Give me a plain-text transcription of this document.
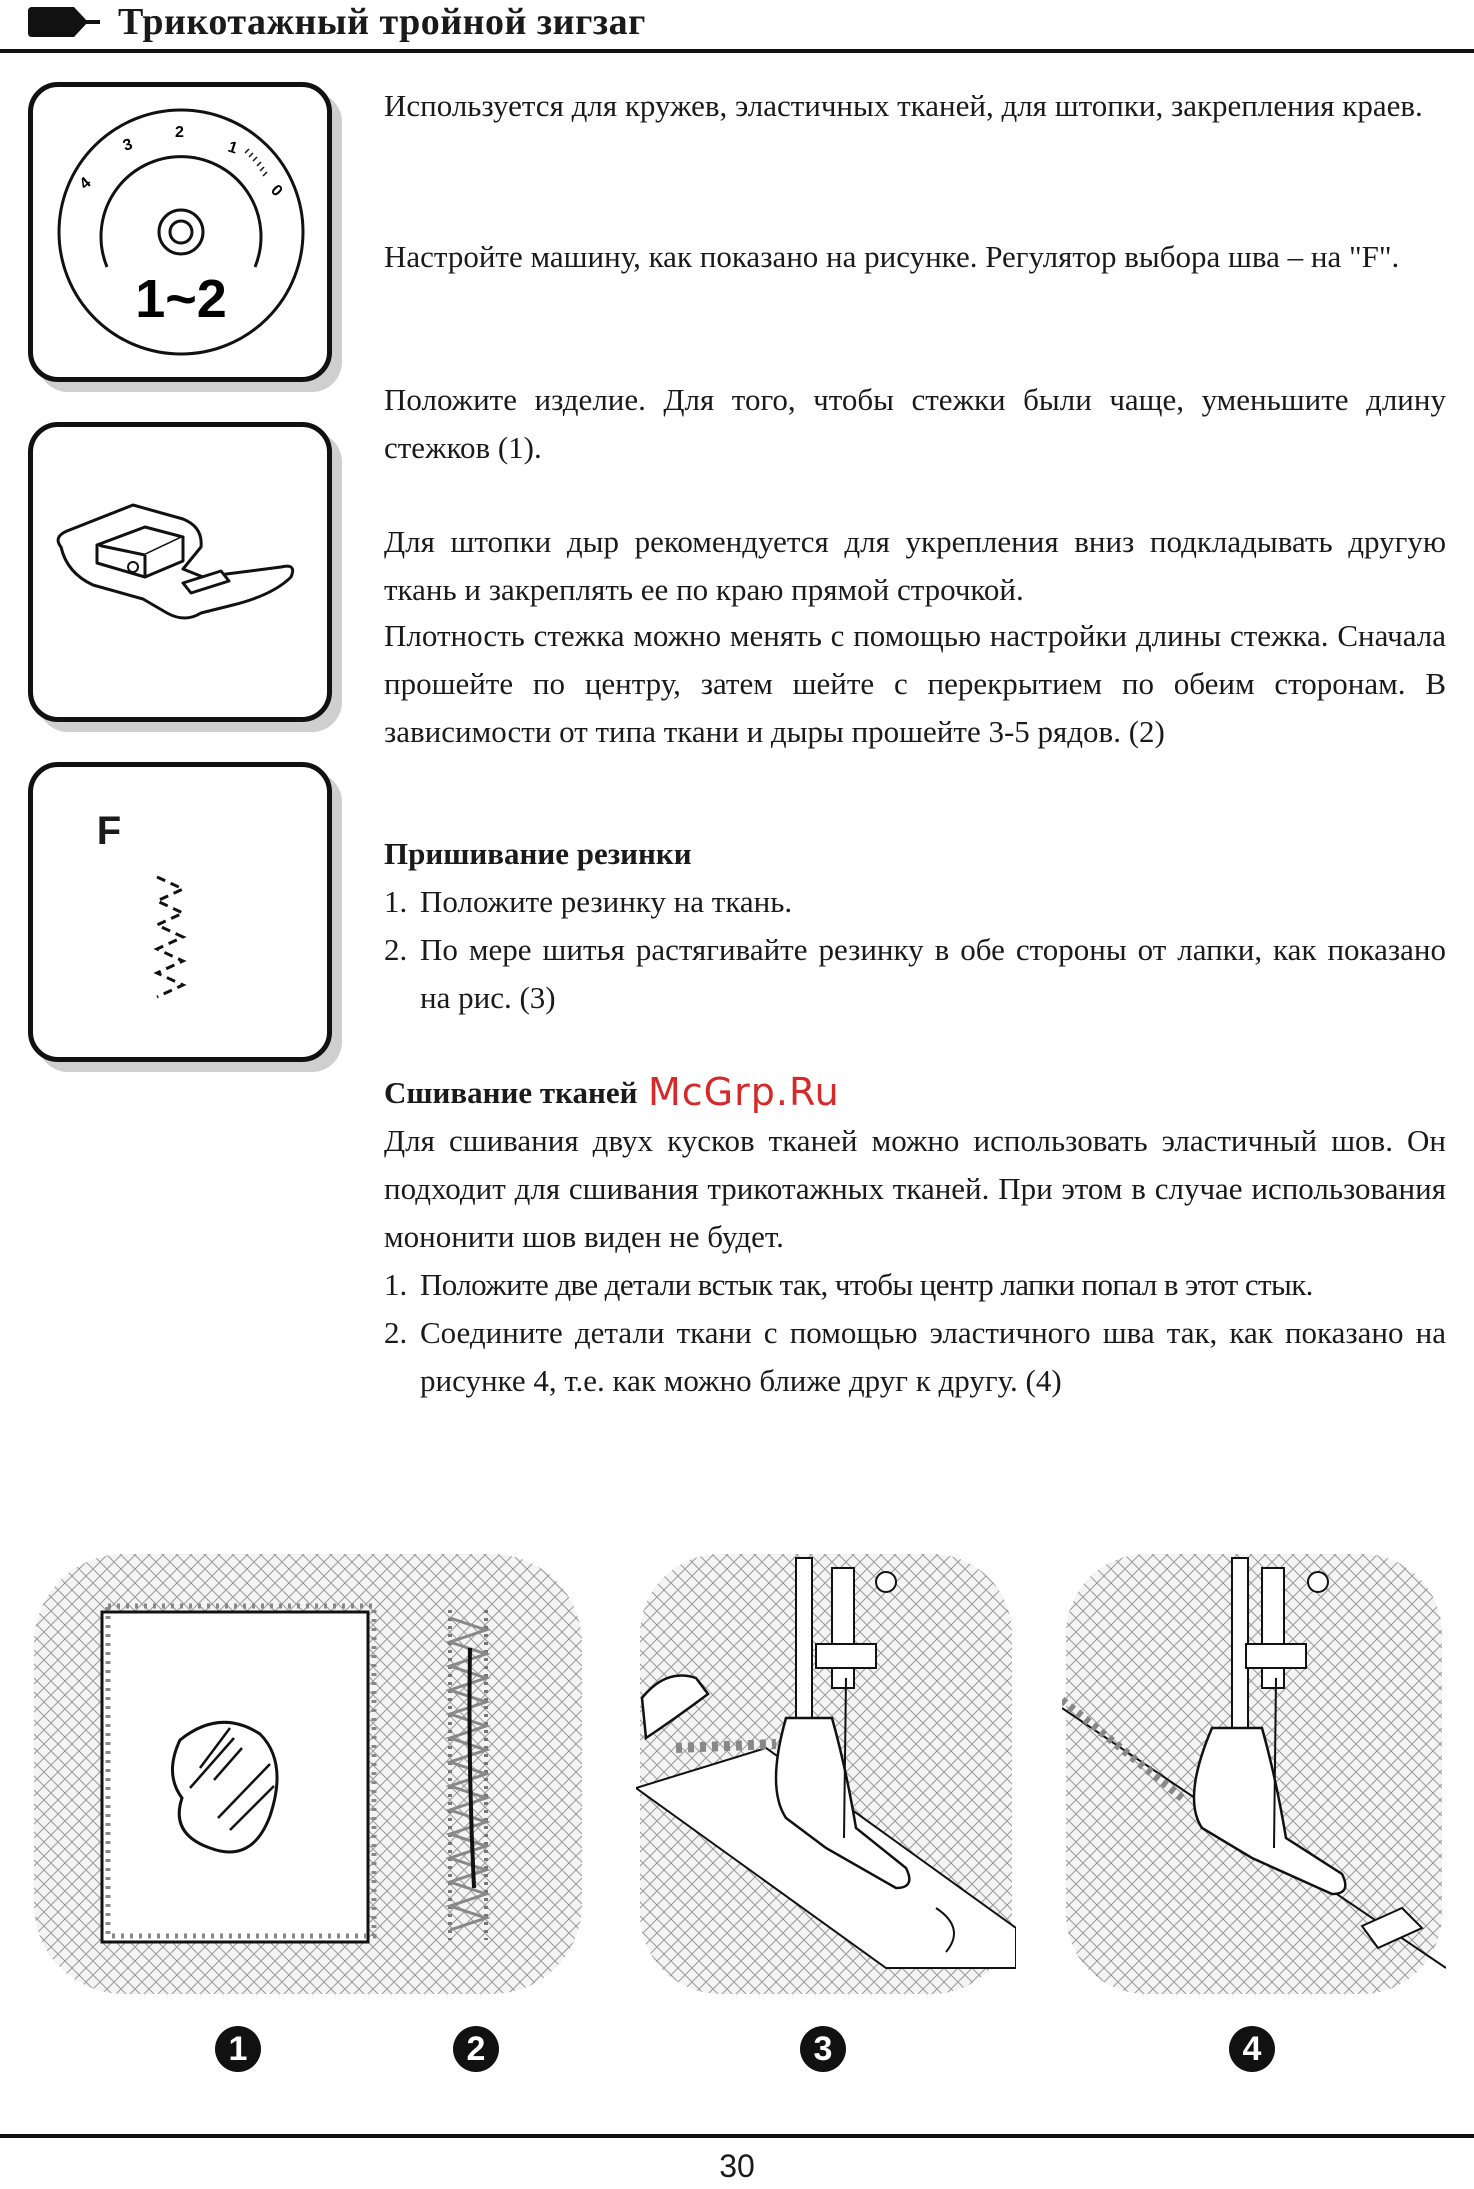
Трикотажный тройной зигзаг
4
3
2
1
0
1~2
F

Используется для кружев, эластичных тканей, для штопки, закрепления краев.

Настройте машину, как показано на рисунке. Регулятор выбора шва – на "F".

Положите изделие. Для того, чтобы стежки были чаще, уменьшите длину стежков (1).

Для штопки дыр рекомендуется для укрепления вниз подкладывать другую ткань и закреплять ее по краю прямой строчкой.

Плотность стежка можно менять с помощью настройки длины стежка. Сначала прошейте по центру, затем шейте с перекрытием по обеим сторонам. В зависимости от типа ткани и дыры прошейте 3-5 рядов. (2)

Пришивание резинки

1. Положите резинку на ткань.
2. По мере шитья растягивайте резинку в обе стороны от лапки, как показано на рис. (3)

Сшивание тканей

Для сшивания двух кусков тканей можно использовать эластичный шов. Он подходит для сшивания трикотажных тканей. При этом в случае использования мононити шов виден не будет.

1. Положите две детали встык так, чтобы центр лапки попал в этот стык.
2. Соедините детали ткани с помощью эластичного шва так, как показано на рисунке 4, т.е. как можно ближе друг к другу. (4)
McGrp.Ru
1	2	3	4
30
